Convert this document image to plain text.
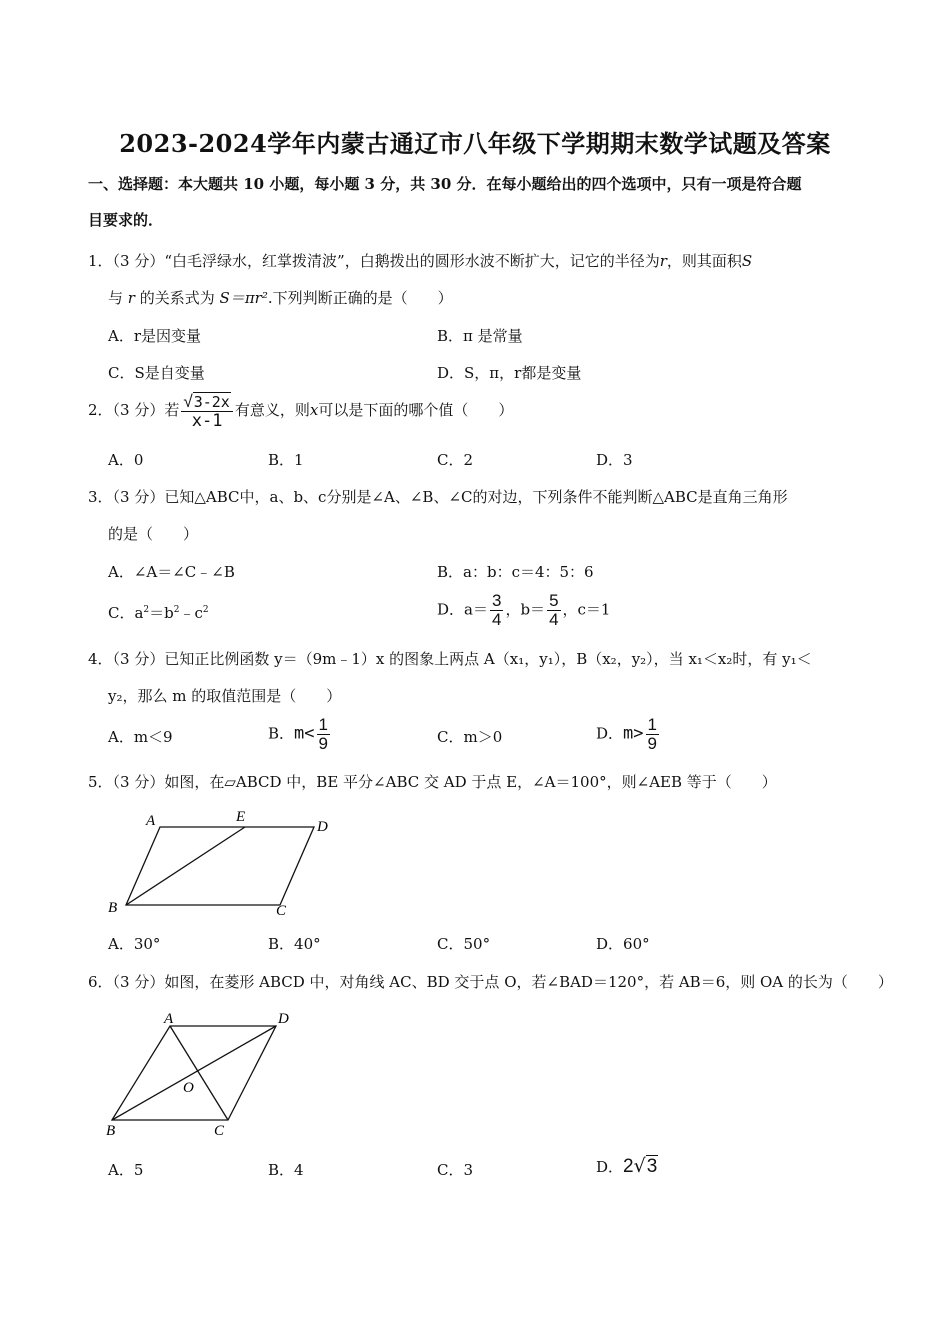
2023-2024学年内蒙古通辽市八年级下学期期末数学试题及答案
一、选择题：本大题共 10 小题，每小题 3 分，共 30 分．在每小题给出的四个选项中，只有一项是符合题
目要求的．
1．（3 分）“白毛浮绿水，红掌拨清波”，白鹅拨出的圆形水波不断扩大，记它的半径为r，则其面积S
与 r 的关系式为 S＝πr².下列判断正确的是（　　）
A．r是因变量	B．π 是常量
C．S是自变量	D．S，π，r都是变量
2．（3 分）若 $\frac{√3-2x}{x-1}$ 有意义，则x可以是下面的哪个值（　　）
A．0	B．1	C．2	D．3
3．（3 分）已知△ABC中，a、b、c分别是∠A、∠B、∠C的对边，下列条件不能判断△ABC是直角三角形
的是（　　）
A．∠A＝∠C﹣∠B	B．a：b：c＝4：5：6
C．$a^2=b^2﹣c^2$	D．$a= \frac{3}{4}$ ，$b= \frac{5}{4}$ ，c＝1
4．（3 分）已知正比例函数 y＝（9m﹣1）x 的图象上两点 A（x₁，y₁），B（x₂，y₂），当 x₁＜x₂时，有 y₁＜
y₂，那么 m 的取值范围是（　　）
A．m＜9	B．$m< \frac{1}{9}$	C．m＞0	D．$m> \frac{1}{9}$
5．（3 分）如图，在▱ABCD 中，BE 平分∠ABC 交 AD 于点 E，∠A＝100°，则∠AEB 等于（　　）
A	E
D
B	C
A．30°	B．40°	C．50°	D．60°
6．（3 分）如图，在菱形 ABCD 中，对角线 AC、BD 交于点 O，若∠BAD＝120°，若 AB＝6，则 OA 的长为（　　）
A	D
O
B	C
A．5	B．4	C．3	D．2√3
